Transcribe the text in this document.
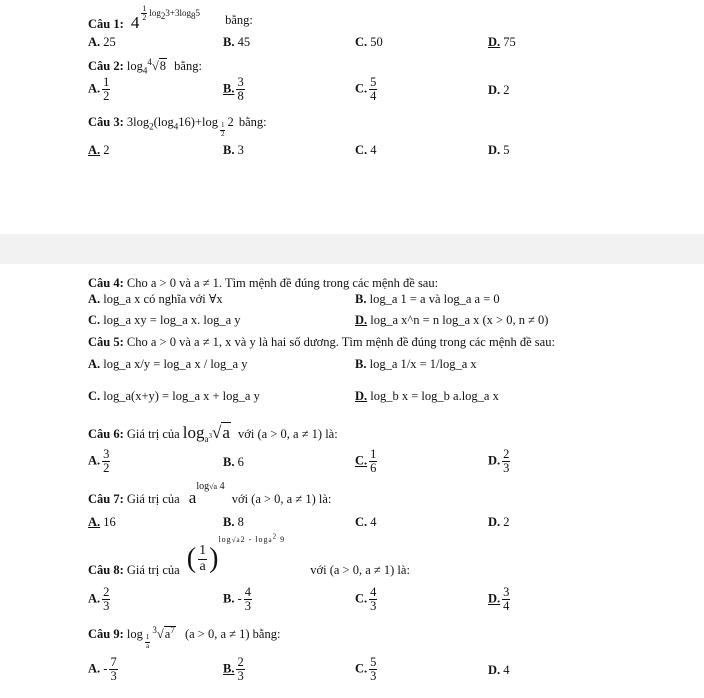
Câu 1: 4 $^{\frac{1}{2} log23+3log85}$ bằng:
A. 25	B. 45	C. 50	D. 75
Câu 2: $\log_4^4√8$ bằng:
A. $\frac{1}{2}$	B. $\frac{3}{8}$	C. $\frac{5}{4}$	D. 2
Câu 3: $3\log_2(\log_416)+\log$
$_{\frac{1}{2}}$
2 bằng:
A. 2	B. 3	C. 4	D. 5
Câu 4: Cho a > 0 và a ≠ 1. Tìm mệnh đề đúng trong các mệnh đề sau:
A. log_a x có nghĩa với ∀x	B. log_a 1 = a và log_a a = 0
C. log_a xy = log_a x. log_a y	D. log_a x^n = n log_a x (x > 0, n ≠ 0)
Câu 5: Cho a > 0 và a ≠ 1, x và y là hai số dương. Tìm mệnh đề đúng trong các mệnh đề sau:
A. log_a x/y = log_a x / log_a y	B. log_a 1/x = 1/log_a x
C. log_a(x+y) = log_a x + log_a y	D. log_b x = log_b a.log_a x
Câu 6: Giá trị của $\log_{a^3}√a$ với (a > 0, a ≠ 1) là:
A. $\frac{3}{2}$	B. 6	C. $\frac{1}{6}$	D. $\frac{2}{3}$
Câu 7: Giá trị của $a^{log√a 4}$ với (a > 0, a ≠ 1) là:
A. 16	B. 8	C. 4	D. 2
Câu 8: Giá trị của ( $\frac{1}{a} )^{log√a2 - loga2 9}$ với (a > 0, a ≠ 1) là:
A. $\frac{2}{3}$	B. - $\frac{4}{3}$	C. $\frac{4}{3}$	D. $\frac{3}{4}$
Câu 9: log
$_{\frac{1}{a}}$
$^3√a^7$ (a > 0, a ≠ 1) bằng:
A. - $\frac{7}{3}$	B. $\frac{2}{3}$	C. $\frac{5}{3}$	D. 4
